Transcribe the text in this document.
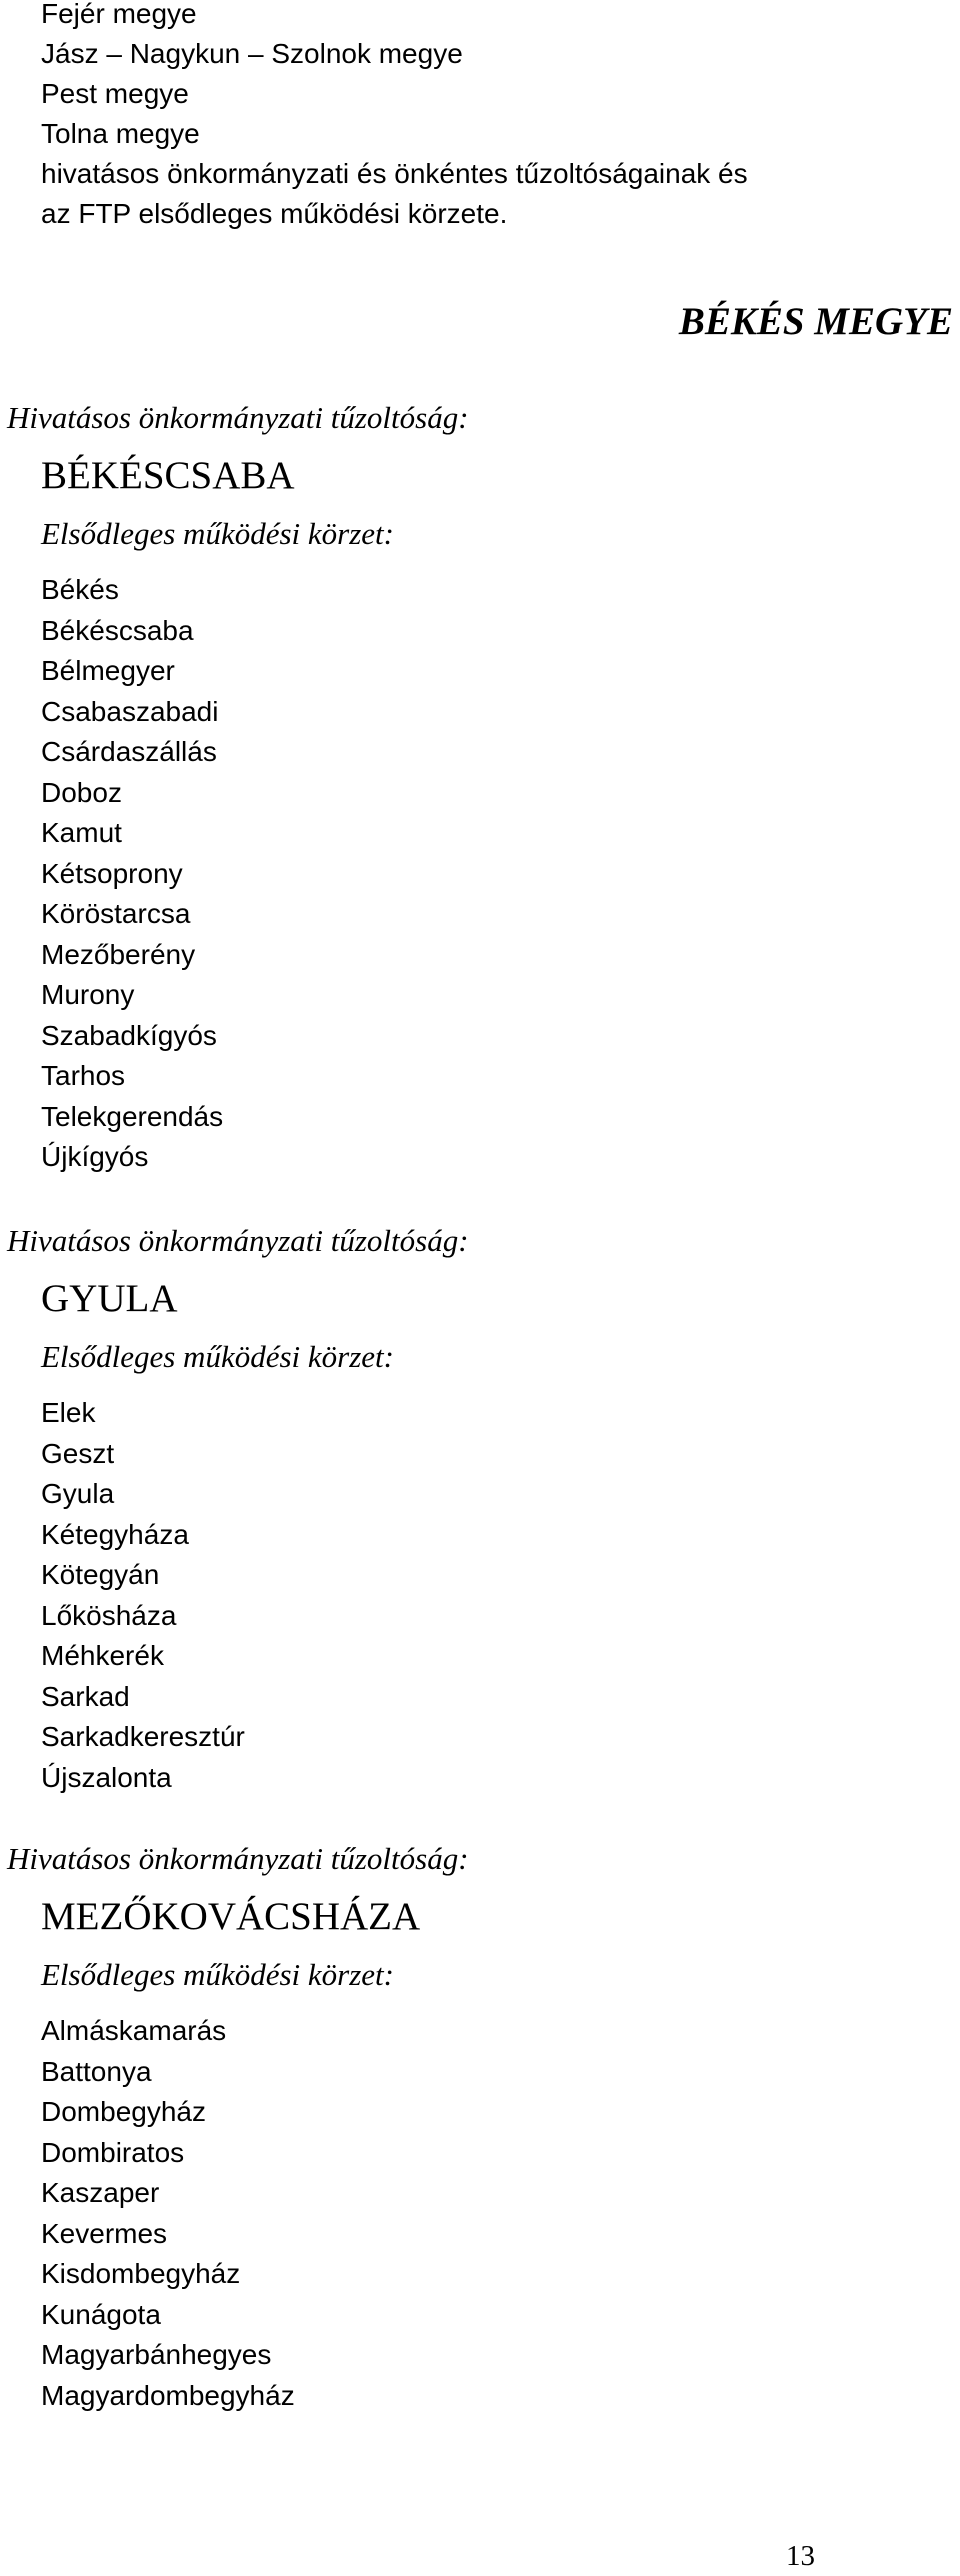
Fejér megye
Jász – Nagykun – Szolnok megye
Pest megye
Tolna megye
hivatásos önkormányzati és önkéntes tűzoltóságainak és
az FTP elsődleges működési körzete.
BÉKÉS MEGYE
Hivatásos önkormányzati tűzoltóság:
BÉKÉSCSABA
Elsődleges működési körzet:
Békés
Békéscsaba
Bélmegyer
Csabaszabadi
Csárdaszállás
Doboz
Kamut
Kétsoprony
Köröstarcsa
Mezőberény
Murony
Szabadkígyós
Tarhos
Telekgerendás
Újkígyós
Hivatásos önkormányzati tűzoltóság:
GYULA
Elsődleges működési körzet:
Elek
Geszt
Gyula
Kétegyháza
Kötegyán
Lőkösháza
Méhkerék
Sarkad
Sarkadkeresztúr
Újszalonta
Hivatásos önkormányzati tűzoltóság:
MEZŐKOVÁCSHÁZA
Elsődleges működési körzet:
Almáskamarás
Battonya
Dombegyház
Dombiratos
Kaszaper
Kevermes
Kisdombegyház
Kunágota
Magyarbánhegyes
Magyardombegyház
13
